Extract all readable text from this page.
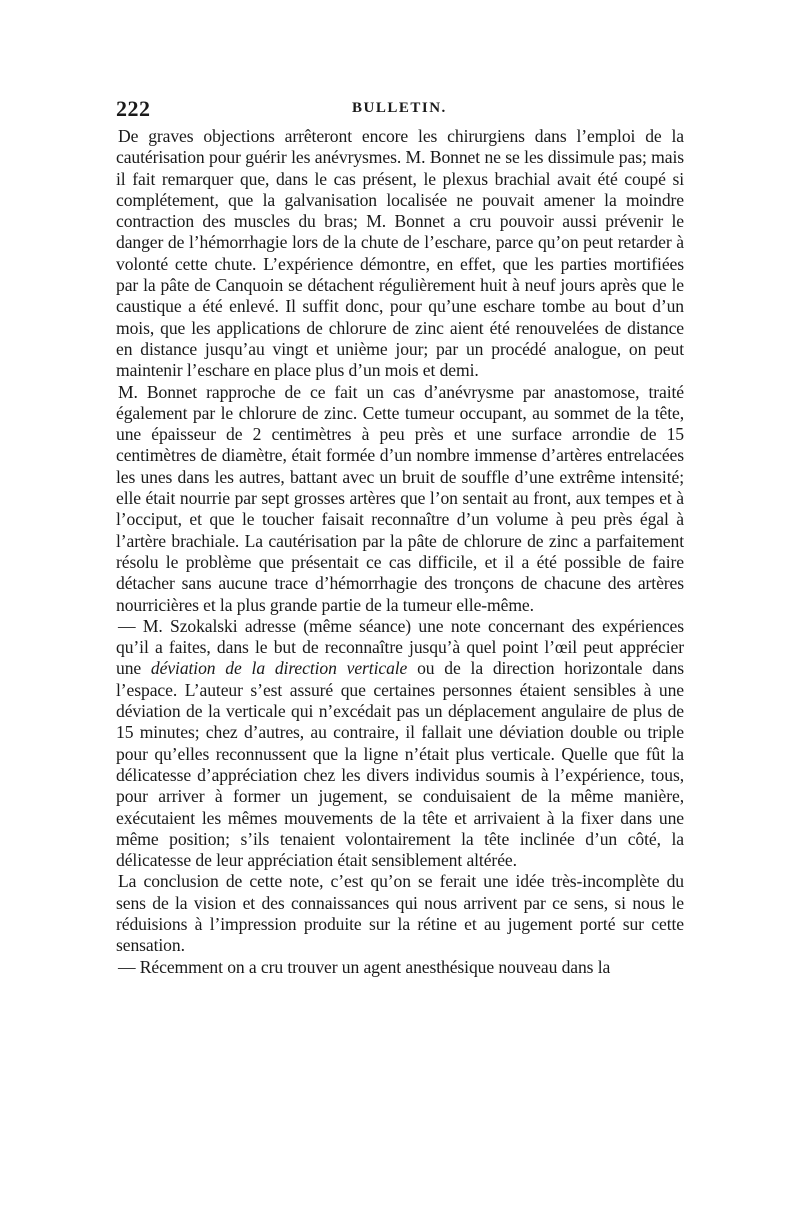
222	BULLETIN.

De graves objections arrêteront encore les chirurgiens dans l’emploi de la cautérisation pour guérir les anévrysmes. M. Bonnet ne se les dissimule pas; mais il fait remarquer que, dans le cas présent, le plexus brachial avait été coupé si complétement, que la galvanisation localisée ne pouvait amener la moindre contraction des muscles du bras; M. Bonnet a cru pouvoir aussi prévenir le danger de l’hémorrhagie lors de la chute de l’eschare, parce qu’on peut retarder à volonté cette chute. L’expérience démontre, en effet, que les parties mortifiées par la pâte de Canquoin se détachent régulièrement huit à neuf jours après que le caustique a été enlevé. Il suffit donc, pour qu’une eschare tombe au bout d’un mois, que les applications de chlorure de zinc aient été renouvelées de distance en distance jusqu’au vingt et unième jour; par un procédé analogue, on peut maintenir l’eschare en place plus d’un mois et demi.

M. Bonnet rapproche de ce fait un cas d’anévrysme par anastomose, traité également par le chlorure de zinc. Cette tumeur occupant, au sommet de la tête, une épaisseur de 2 centimètres à peu près et une surface arrondie de 15 centimètres de diamètre, était formée d’un nombre immense d’artères entrelacées les unes dans les autres, battant avec un bruit de souffle d’une extrême intensité; elle était nourrie par sept grosses artères que l’on sentait au front, aux tempes et à l’occiput, et que le toucher faisait reconnaître d’un volume à peu près égal à l’artère brachiale. La cautérisation par la pâte de chlorure de zinc a parfaitement résolu le problème que présentait ce cas difficile, et il a été possible de faire détacher sans aucune trace d’hémorrhagie des tronçons de chacune des artères nourricières et la plus grande partie de la tumeur elle-même.

— M. Szokalski adresse (même séance) une note concernant des expériences qu’il a faites, dans le but de reconnaître jusqu’à quel point l’œil peut apprécier une déviation de la direction verticale ou de la direction horizontale dans l’espace. L’auteur s’est assuré que certaines personnes étaient sensibles à une déviation de la verticale qui n’excédait pas un déplacement angulaire de plus de 15 minutes; chez d’autres, au contraire, il fallait une déviation double ou triple pour qu’elles reconnussent que la ligne n’était plus verticale. Quelle que fût la délicatesse d’appréciation chez les divers individus soumis à l’expérience, tous, pour arriver à former un jugement, se conduisaient de la même manière, exécutaient les mêmes mouvements de la tête et arrivaient à la fixer dans une même position; s’ils tenaient volontairement la tête inclinée d’un côté, la délicatesse de leur appréciation était sensiblement altérée.

La conclusion de cette note, c’est qu’on se ferait une idée très-incomplète du sens de la vision et des connaissances qui nous arrivent par ce sens, si nous le réduisions à l’impression produite sur la rétine et au jugement porté sur cette sensation.

— Récemment on a cru trouver un agent anesthésique nouveau dans la
